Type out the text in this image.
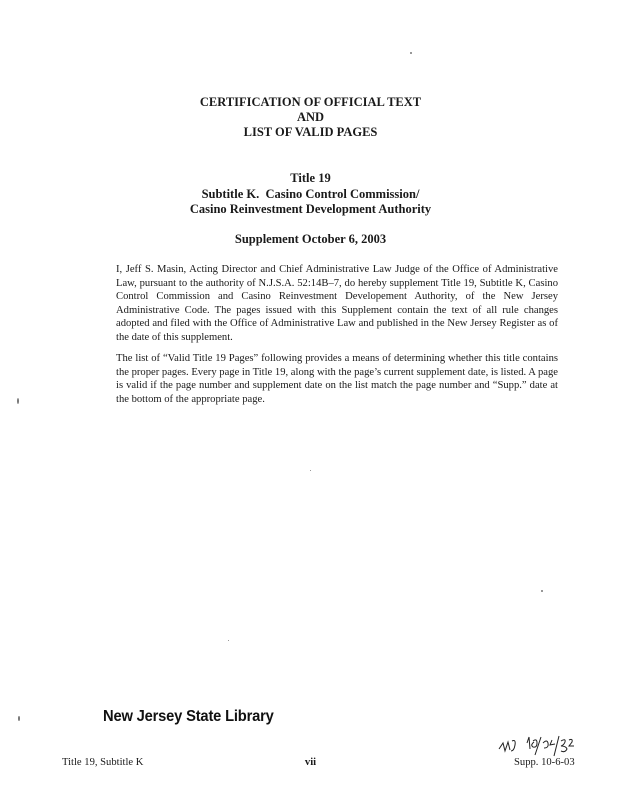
CERTIFICATION OF OFFICIAL TEXT
AND
LIST OF VALID PAGES
Title 19
Subtitle K.  Casino Control Commission/
Casino Reinvestment Development Authority
Supplement October 6, 2003

I, Jeff S. Masin, Acting Director and Chief Administrative Law Judge of the Office of Administrative Law, pursuant to the authority of N.J.S.A. 52:14B–7, do hereby supplement Title 19, Subtitle K, Casino Control Commission and Casino Reinvestment Developement Authority, of the New Jersey Administrative Code. The pages issued with this Supplement contain the text of all rule changes adopted and filed with the Office of Administrative Law and published in the New Jersey Register as of the date of this supplement.

The list of “Valid Title 19 Pages” following provides a means of determining whether this title contains the proper pages. Every page in Title 19, along with the page’s current supplement date, is listed. A page is valid if the page number and supplement date on the list match the page number and “Supp.” date at the bottom of the appropriate page.

New Jersey State Library
Title 19, Subtitle K	vii	Supp. 10-6-03
